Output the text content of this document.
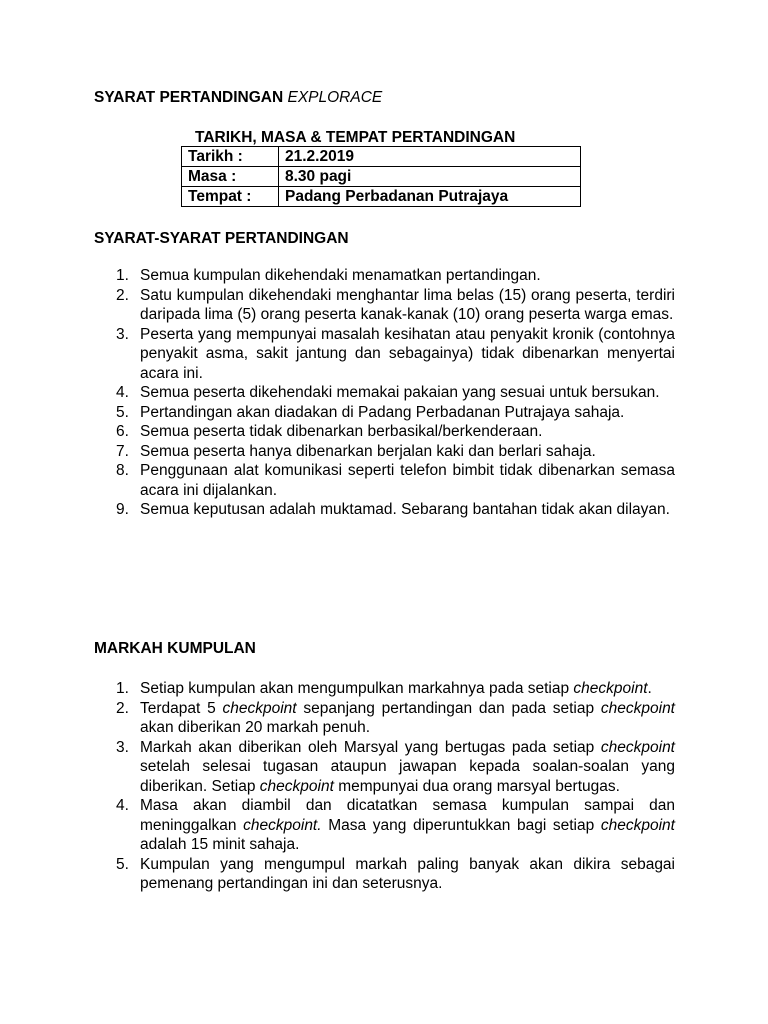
SYARAT PERTANDINGAN EXPLORACE
TARIKH, MASA & TEMPAT PERTANDINGAN
Tarikh :	21.2.2019
Masa :	8.30 pagi
Tempat :	Padang Perbadanan Putrajaya
SYARAT-SYARAT PERTANDINGAN
1. Semua kumpulan dikehendaki menamatkan pertandingan.
2. Satu kumpulan dikehendaki menghantar lima belas (15) orang peserta, terdiri daripada lima (5) orang peserta kanak-kanak (10) orang peserta warga emas.
3. Peserta yang mempunyai masalah kesihatan atau penyakit kronik (contohnya penyakit asma, sakit jantung dan sebagainya) tidak dibenarkan menyertai acara ini.
4. Semua peserta dikehendaki memakai pakaian yang sesuai untuk bersukan.
5. Pertandingan akan diadakan di Padang Perbadanan Putrajaya sahaja.
6. Semua peserta tidak dibenarkan berbasikal/berkenderaan.
7. Semua peserta hanya dibenarkan berjalan kaki dan berlari sahaja.
8. Penggunaan alat komunikasi seperti telefon bimbit tidak dibenarkan semasa acara ini dijalankan.
9. Semua keputusan adalah muktamad. Sebarang bantahan tidak akan dilayan.
MARKAH KUMPULAN
1. Setiap kumpulan akan mengumpulkan markahnya pada setiap checkpoint.
2. Terdapat 5 checkpoint sepanjang pertandingan dan pada setiap checkpoint akan diberikan 20 markah penuh.
3. Markah akan diberikan oleh Marsyal yang bertugas pada setiap checkpoint setelah selesai tugasan ataupun jawapan kepada soalan-soalan yang diberikan. Setiap checkpoint mempunyai dua orang marsyal bertugas.
4. Masa akan diambil dan dicatatkan semasa kumpulan sampai dan meninggalkan checkpoint. Masa yang diperuntukkan bagi setiap checkpoint adalah 15 minit sahaja.
5. Kumpulan yang mengumpul markah paling banyak akan dikira sebagai pemenang pertandingan ini dan seterusnya.
